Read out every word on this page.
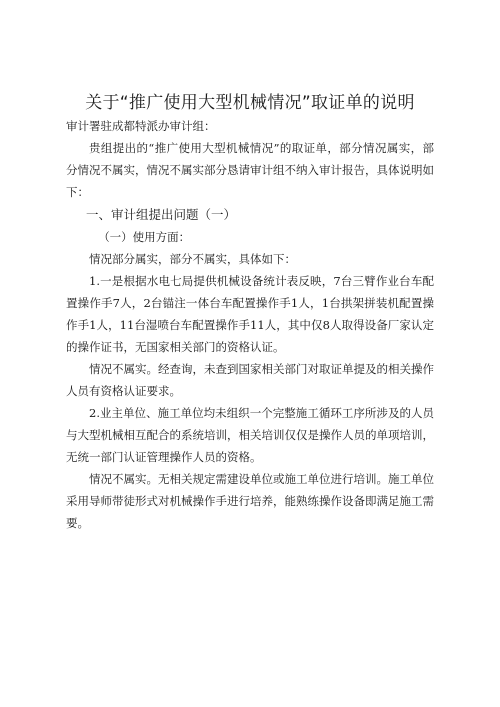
关于“推广使用大型机械情况”取证单的说明

审计署驻成都特派办审计组：

贵组提出的“推广使用大型机械情况”的取证单，部分情况属实，部分情况不属实，情况不属实部分恳请审计组不纳入审计报告，具体说明如下：

一、审计组提出问题（一）

（一）使用方面：

情况部分属实，部分不属实，具体如下：

1.一是根据水电七局提供机械设备统计表反映，7台三臂作业台车配置操作手7人，2台锚注一体台车配置操作手1人，1台拱架拼装机配置操作手1人，11台湿喷台车配置操作手11人，其中仅8人取得设备厂家认定的操作证书，无国家相关部门的资格认证。

情况不属实。经查询，未查到国家相关部门对取证单提及的相关操作人员有资格认证要求。

2.业主单位、施工单位均未组织一个完整施工循环工序所涉及的人员与大型机械相互配合的系统培训，相关培训仅仅是操作人员的单项培训，无统一部门认证管理操作人员的资格。

情况不属实。无相关规定需建设单位或施工单位进行培训。施工单位采用导师带徒形式对机械操作手进行培养，能熟练操作设备即满足施工需要。
